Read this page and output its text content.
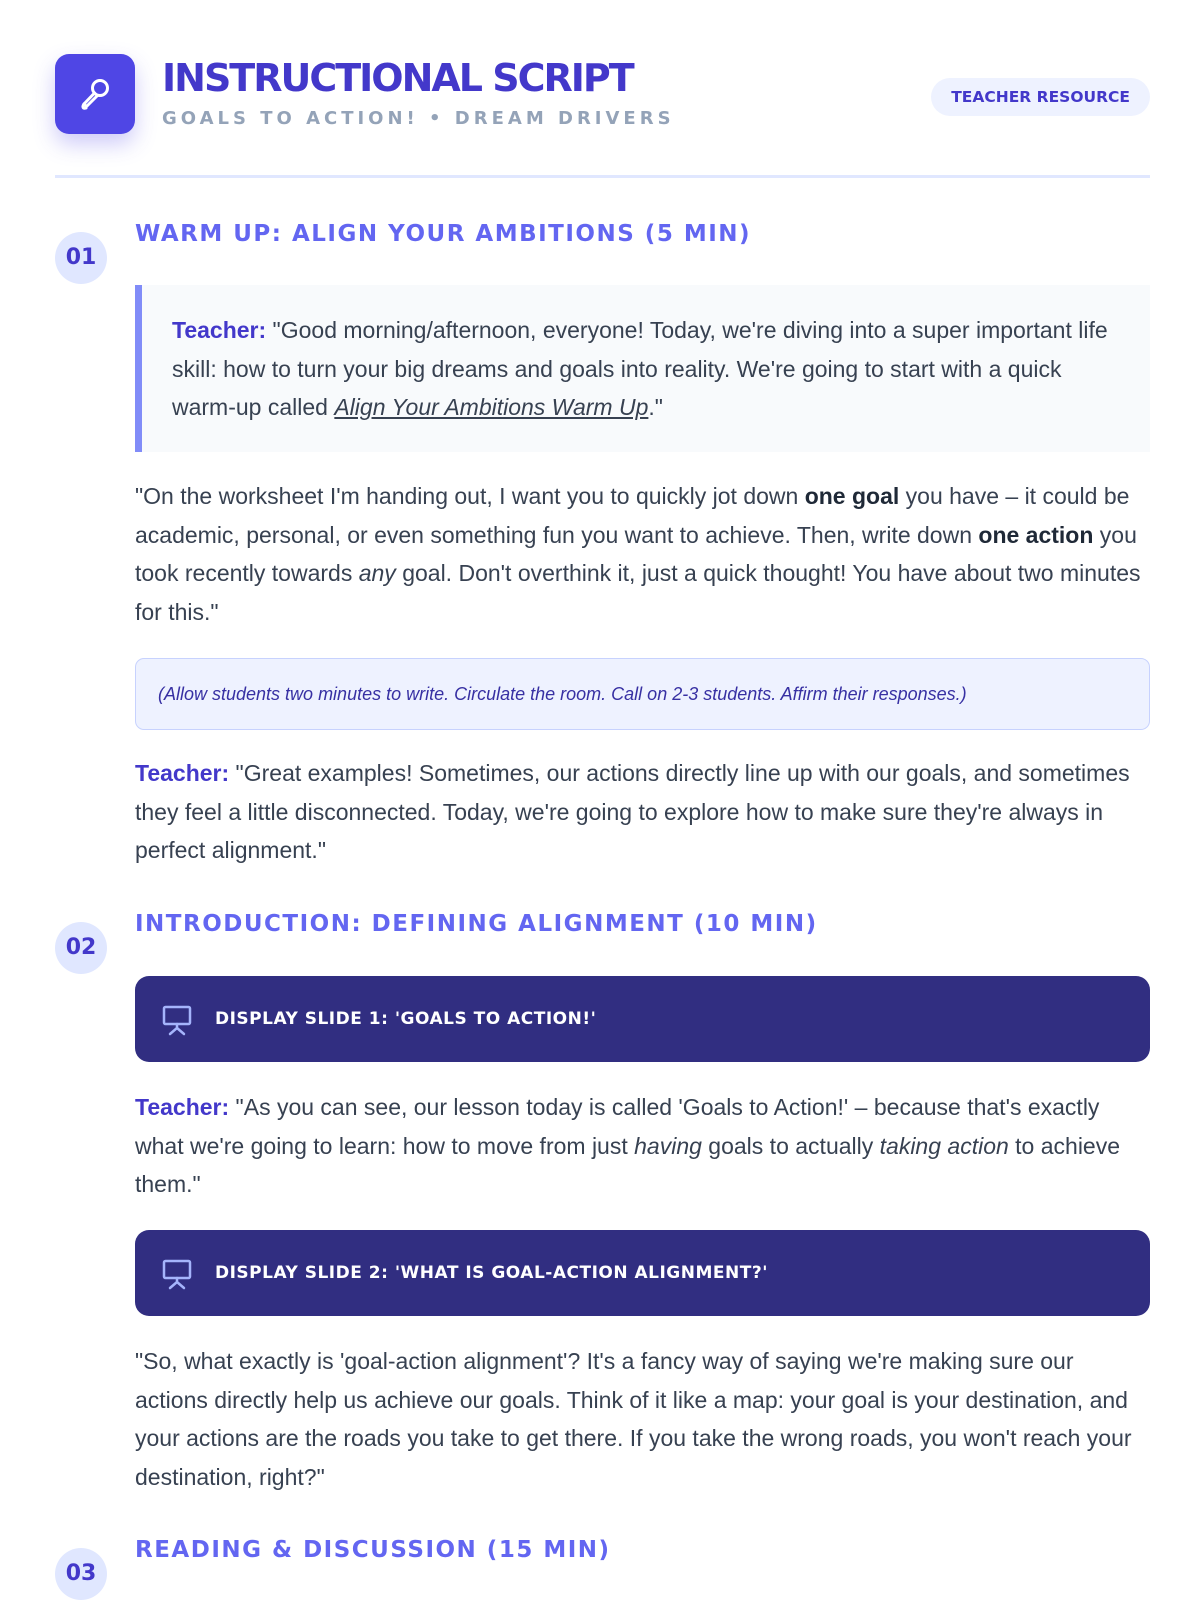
INSTRUCTIONAL SCRIPT
GOALS TO ACTION! • DREAM DRIVERS
TEACHER RESOURCE
01
WARM UP: ALIGN YOUR AMBITIONS (5 MIN)

Teacher: "Good morning/afternoon, everyone! Today, we're diving into a super important life skill: how to turn your big dreams and goals into reality. We're going to start with a quick warm-up called Align Your Ambitions Warm Up."

"On the worksheet I'm handing out, I want you to quickly jot down one goal you have – it could be academic, personal, or even something fun you want to achieve. Then, write down one action you took recently towards any goal. Don't overthink it, just a quick thought! You have about two minutes for this."

(Allow students two minutes to write. Circulate the room. Call on 2-3 students. Affirm their responses.)

Teacher: "Great examples! Sometimes, our actions directly line up with our goals, and sometimes they feel a little disconnected. Today, we're going to explore how to make sure they're always in perfect alignment."

02
INTRODUCTION: DEFINING ALIGNMENT (10 MIN)
DISPLAY SLIDE 1: 'GOALS TO ACTION!'

Teacher: "As you can see, our lesson today is called 'Goals to Action!' – because that's exactly what we're going to learn: how to move from just having goals to actually taking action to achieve them."

DISPLAY SLIDE 2: 'WHAT IS GOAL-ACTION ALIGNMENT?'

"So, what exactly is 'goal-action alignment'? It's a fancy way of saying we're making sure our actions directly help us achieve our goals. Think of it like a map: your goal is your destination, and your actions are the roads you take to get there. If you take the wrong roads, you won't reach your destination, right?"

03
READING & DISCUSSION (15 MIN)
